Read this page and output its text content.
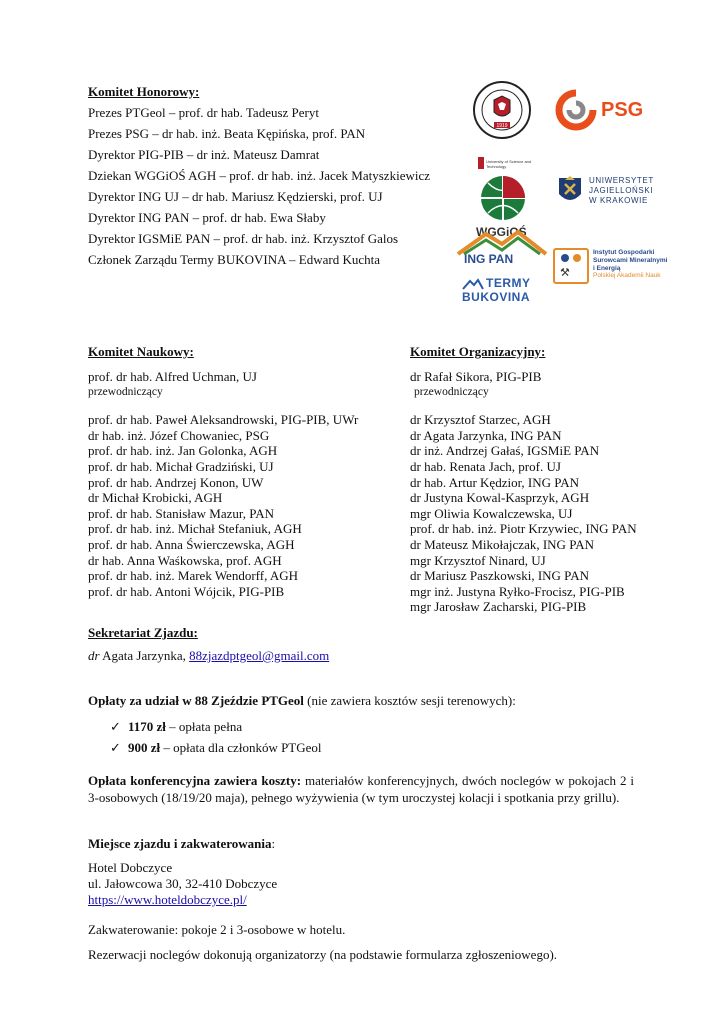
Komitet Honorowy:
Prezes PTGeol – prof. dr hab. Tadeusz Peryt
Prezes PSG – dr hab. inż. Beata Kępińska, prof. PAN
Dyrektor PIG-PIB – dr inż. Mateusz Damrat
Dziekan WGGiOŚ AGH – prof. dr hab. inż. Jacek Matyszkiewicz
Dyrektor ING UJ – dr hab. Mariusz Kędzierski, prof. UJ
Dyrektor ING PAN – prof. dr hab. Ewa Słaby
Dyrektor IGSMiE PAN – prof. dr hab. inż. Krzysztof Galos
Członek Zarządu Termy BUKOVINA – Edward Kuchta
1919
PSG
University of Science and Technology
WGGiOŚ
UNIWERSYTET
JAGIELLOŃSKI
W KRAKOWIE
ING PAN
⚒
Instytut Gospodarki
Surowcami Mineralnymi
i Energią
Polskiej Akademii Nauk
TERMY
BUKOVINA
Komitet Naukowy:
prof. dr hab. Alfred Uchman, UJ
przewodniczący
prof. dr hab. Paweł Aleksandrowski, PIG-PIB, UWr
dr hab. inż. Józef Chowaniec, PSG
prof. dr hab. inż. Jan Golonka, AGH
prof. dr hab. Michał Gradziński, UJ
prof. dr hab. Andrzej Konon, UW
dr Michał Krobicki, AGH
prof. dr hab. Stanisław Mazur, PAN
prof. dr hab. inż. Michał Stefaniuk, AGH
prof. dr hab. Anna Świerczewska, AGH
dr hab. Anna Waśkowska, prof. AGH
prof. dr hab. inż. Marek Wendorff, AGH
prof. dr hab. Antoni Wójcik, PIG-PIB
Komitet Organizacyjny:
dr Rafał Sikora, PIG-PIB
przewodniczący
dr Krzysztof Starzec, AGH
dr Agata Jarzynka, ING PAN
dr inż. Andrzej Gałaś, IGSMiE PAN
dr hab. Renata Jach, prof. UJ
dr hab. Artur Kędzior, ING PAN
dr Justyna Kowal-Kasprzyk, AGH
mgr Oliwia Kowalczewska, UJ
prof. dr hab. inż. Piotr Krzywiec, ING PAN
dr Mateusz Mikołajczak, ING PAN
mgr Krzysztof Ninard, UJ
dr Mariusz Paszkowski, ING PAN
mgr inż. Justyna Ryłko-Frocisz, PIG-PIB
mgr Jarosław Zacharski, PIG-PIB
Sekretariat Zjazdu:
dr Agata Jarzynka, 88zjazdptgeol@gmail.com
Opłaty za udział w 88 Zjeździe PTGeol (nie zawiera kosztów sesji terenowych):
✓ 1170 zł – opłata pełna
✓ 900 zł – opłata dla członków PTGeol
Opłata konferencyjna zawiera koszty: materiałów konferencyjnych, dwóch noclegów w pokojach 2 i 3-osobowych (18/19/20 maja), pełnego wyżywienia (w tym uroczystej kolacji i spotkania przy grillu).
Miejsce zjazdu i zakwaterowania:
Hotel Dobczyce
ul. Jałowcowa 30, 32-410 Dobczyce
https://www.hoteldobczyce.pl/
Zakwaterowanie: pokoje 2 i 3-osobowe w hotelu.
Rezerwacji noclegów dokonują organizatorzy (na podstawie formularza zgłoszeniowego).
